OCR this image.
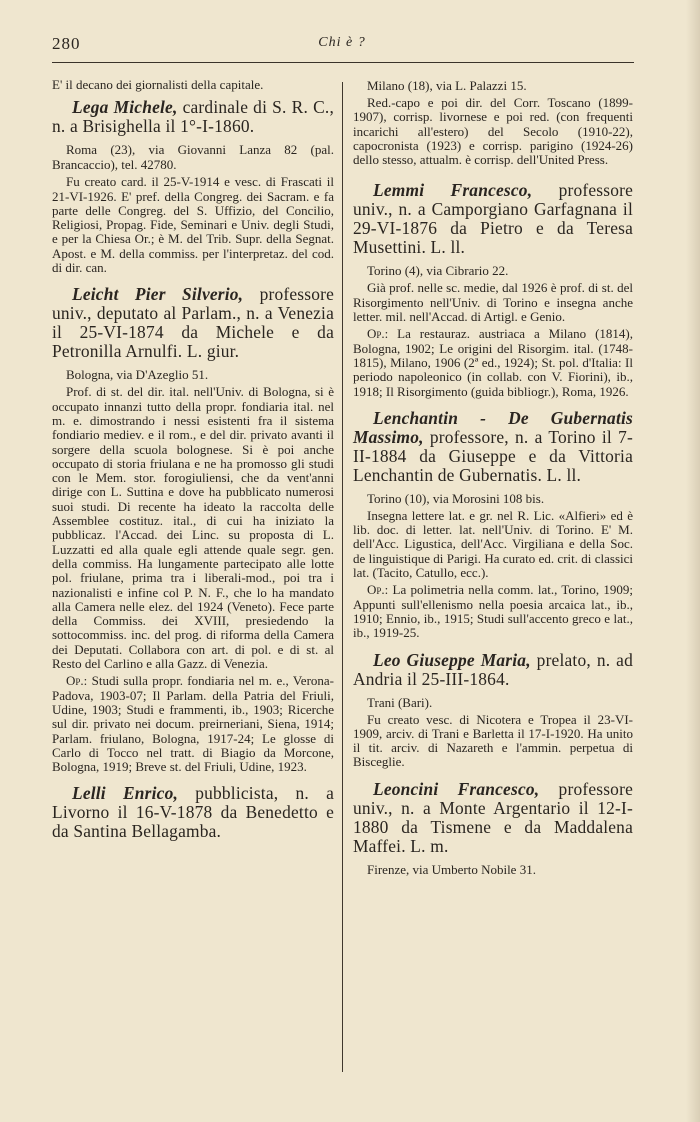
280	Chi è ?

E' il decano dei giornalisti della capitale.

Lega Michele, cardinale di S. R. C., n. a Brisighella il 1°-I-1860.

Roma (23), via Giovanni Lanza 82 (pal. Brancaccio), tel. 42780.

Fu creato card. il 25-V-1914 e vesc. di Frascati il 21-VI-1926. E' pref. della Congreg. dei Sacram. e fa parte delle Congreg. del S. Uffizio, del Concilio, Religiosi, Propag. Fide, Seminari e Univ. degli Studi, e per la Chiesa Or.; è M. del Trib. Supr. della Segnat. Apost. e M. della commiss. per l'interpretaz. del cod. di dir. can.

Leicht Pier Silverio, professore univ., deputato al Parlam., n. a Venezia il 25-VI-1874 da Michele e da Petronilla Arnulfi. L. giur.

Bologna, via D'Azeglio 51.

Prof. di st. del dir. ital. nell'Univ. di Bologna, si è occupato innanzi tutto della propr. fondiaria ital. nel m. e. dimostrando i nessi esistenti fra il sistema fondiario mediev. e il rom., e del dir. privato avanti il sorgere della scuola bolognese. Si è poi anche occupato di storia friulana e ne ha promosso gli studi con le Mem. stor. forogiuliensi, che da vent'anni dirige con L. Suttina e dove ha pubblicato numerosi suoi studi. Di recente ha ideato la raccolta delle Assemblee costituz. ital., di cui ha iniziato la pubblicaz. l'Accad. dei Linc. su proposta di L. Luzzatti ed alla quale egli attende quale segr. gen. della commiss. Ha lungamente partecipato alle lotte pol. friulane, prima tra i liberali-mod., poi tra i nazionalisti e infine col P. N. F., che lo ha mandato alla Camera nelle elez. del 1924 (Veneto). Fece parte della Commiss. dei XVIII, presiedendo la sottocommiss. inc. del prog. di riforma della Camera dei Deputati. Collabora con art. di pol. e di st. al Resto del Carlino e alla Gazz. di Venezia.

Op.: Studi sulla propr. fondiaria nel m. e., Verona-Padova, 1903-07; Il Parlam. della Patria del Friuli, Udine, 1903; Studi e frammenti, ib., 1903; Ricerche sul dir. privato nei docum. preirneriani, Siena, 1914; Parlam. friulano, Bologna, 1917-24; Le glosse di Carlo di Tocco nel tratt. di Biagio da Morcone, Bologna, 1919; Breve st. del Friuli, Udine, 1923.

Lelli Enrico, pubblicista, n. a Livorno il 16-V-1878 da Benedetto e da Santina Bellagamba.

Milano (18), via L. Palazzi 15.

Red.-capo e poi dir. del Corr. Toscano (1899-1907), corrisp. livornese e poi red. (con frequenti incarichi all'estero) del Secolo (1910-22), capocronista (1923) e corrisp. parigino (1924-26) dello stesso, attualm. è corrisp. dell'United Press.

Lemmi Francesco, professore univ., n. a Camporgiano Garfagnana il 29-VI-1876 da Pietro e da Teresa Musettini. L. ll.

Torino (4), via Cibrario 22.

Già prof. nelle sc. medie, dal 1926 è prof. di st. del Risorgimento nell'Univ. di Torino e insegna anche letter. mil. nell'Accad. di Artigl. e Genio.

Op.: La restauraz. austriaca a Milano (1814), Bologna, 1902; Le origini del Risorgim. ital. (1748-1815), Milano, 1906 (2ª ed., 1924); St. pol. d'Italia: Il periodo napoleonico (in collab. con V. Fiorini), ib., 1918; Il Risorgimento (guida bibliogr.), Roma, 1926.

Lenchantin - De Gubernatis Massimo, professore, n. a Torino il 7-II-1884 da Giuseppe e da Vittoria Lenchantin de Gubernatis. L. ll.

Torino (10), via Morosini 108 bis.

Insegna lettere lat. e gr. nel R. Lic. «Alfieri» ed è lib. doc. di letter. lat. nell'Univ. di Torino. E' M. dell'Acc. Ligustica, dell'Acc. Virgiliana e della Soc. de linguistique di Parigi. Ha curato ed. crit. di classici lat. (Tacito, Catullo, ecc.).

Op.: La polimetria nella comm. lat., Torino, 1909; Appunti sull'ellenismo nella poesia arcaica lat., ib., 1910; Ennio, ib., 1915; Studi sull'accento greco e lat., ib., 1919-25.

Leo Giuseppe Maria, prelato, n. ad Andria il 25-III-1864.

Trani (Bari).

Fu creato vesc. di Nicotera e Tropea il 23-VI-1909, arciv. di Trani e Barletta il 17-I-1920. Ha unito il tit. arciv. di Nazareth e l'ammin. perpetua di Bisceglie.

Leoncini Francesco, professore univ., n. a Monte Argentario il 12-I-1880 da Tismene e da Maddalena Maffei. L. m.

Firenze, via Umberto Nobile 31.
